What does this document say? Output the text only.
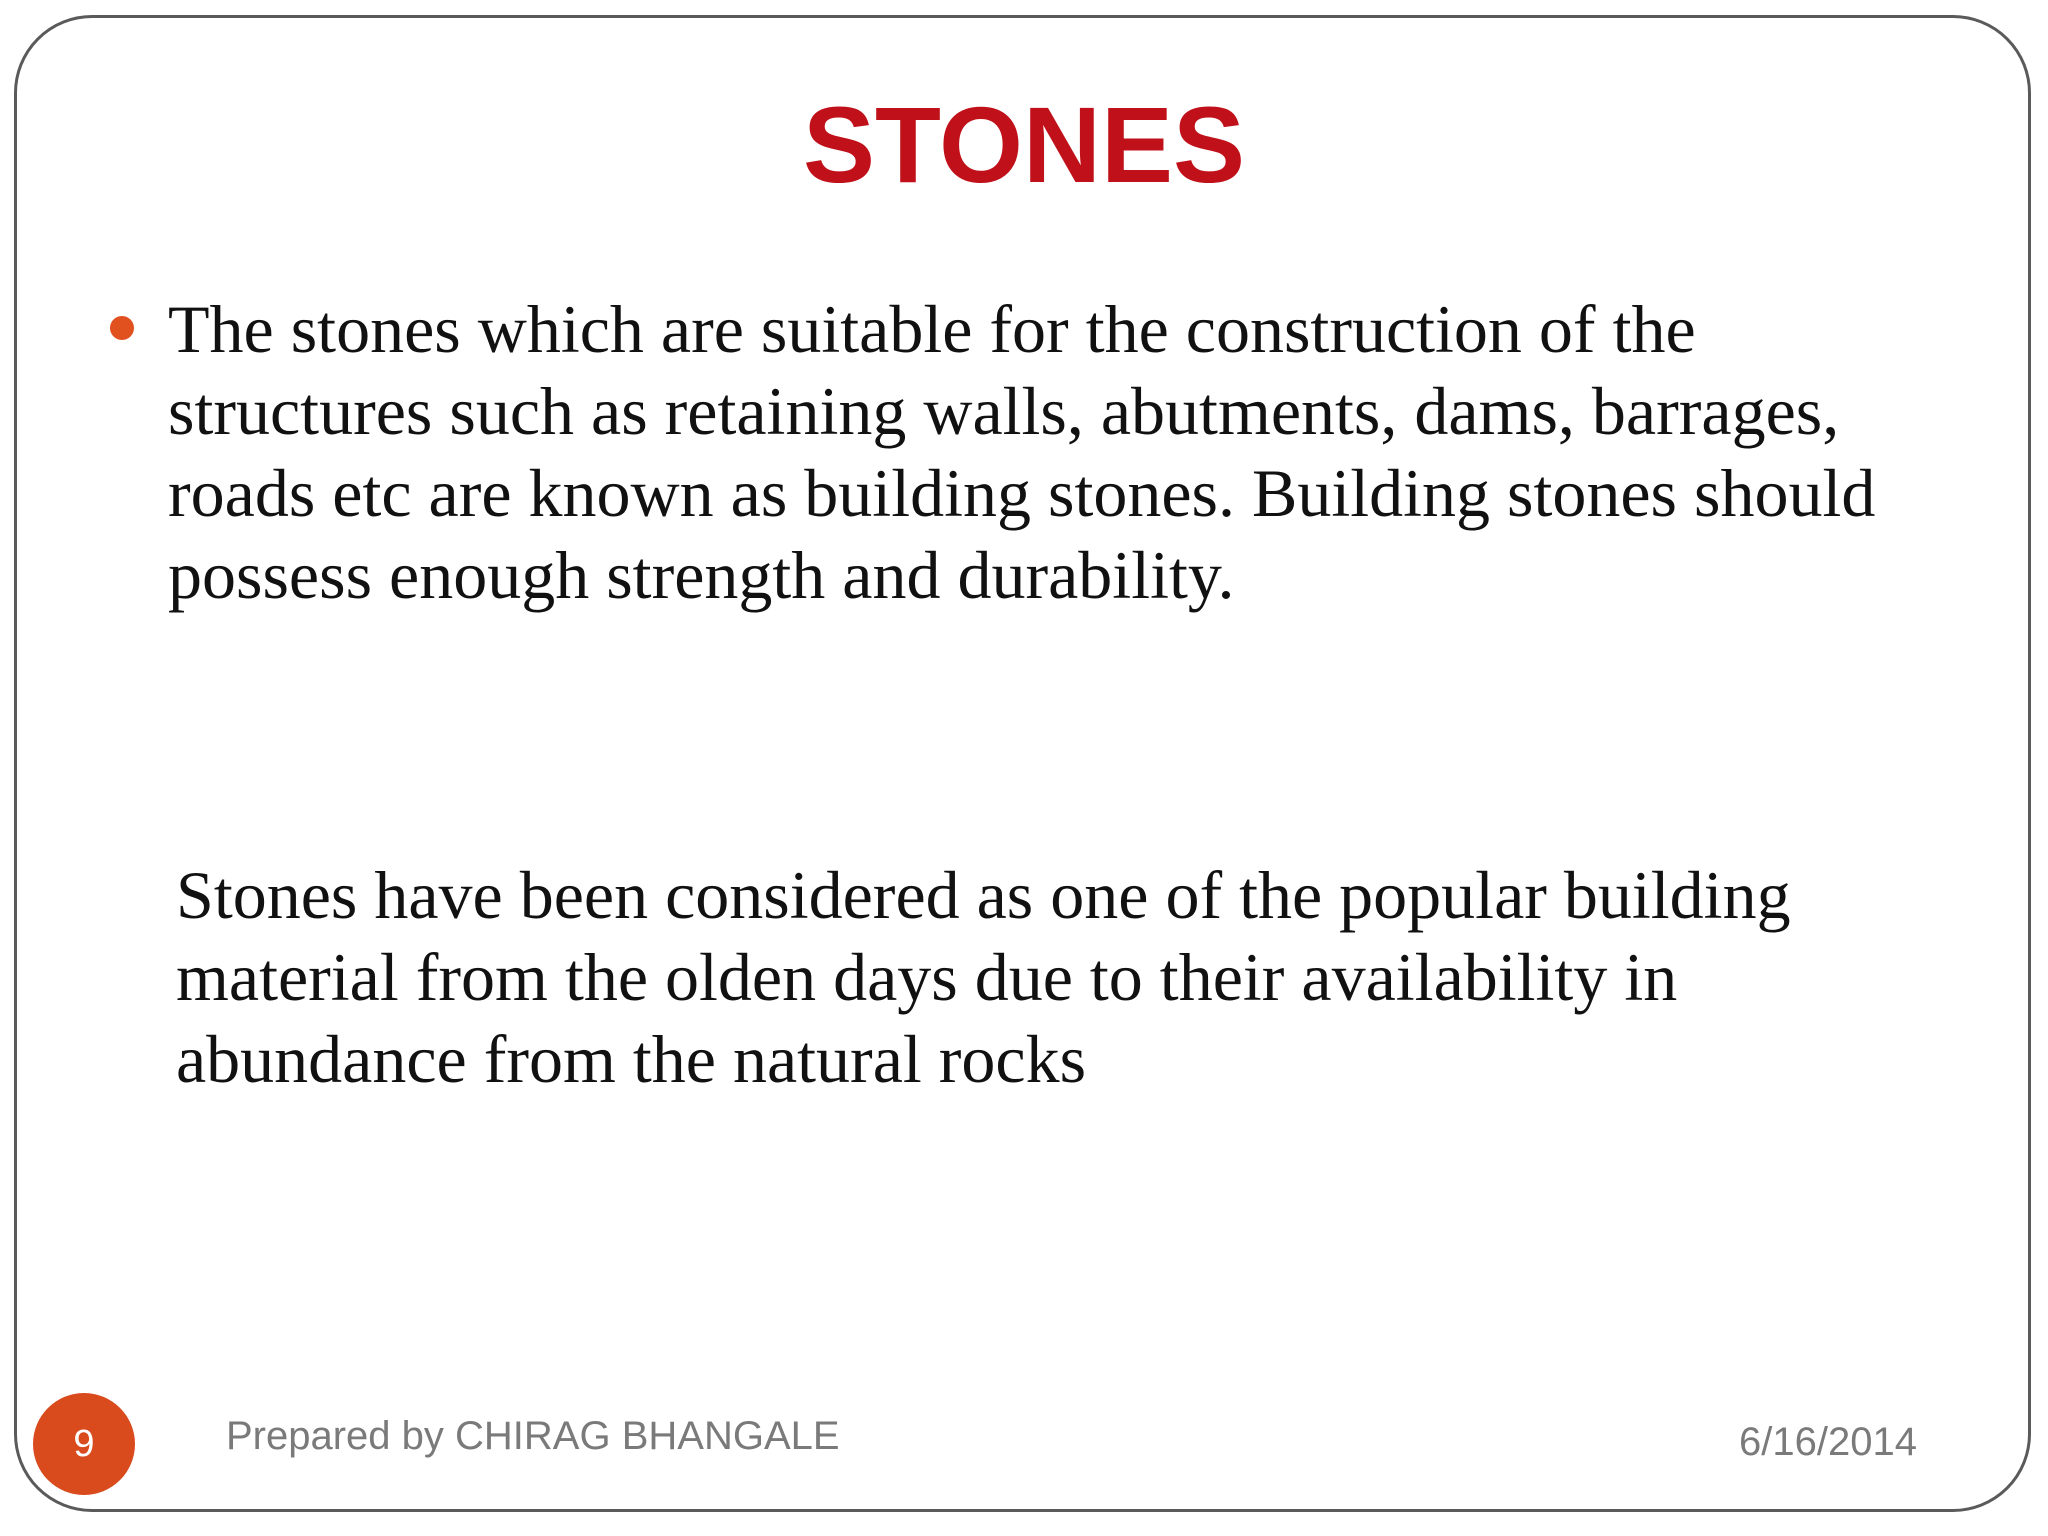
STONES

The stones which are suitable for the construction of the structures such as retaining walls, abutments, dams, barrages, roads etc are known as building stones. Building stones should possess enough strength and durability.

Stones have been considered as one of the popular building material from the olden days due to their availability in abundance from the natural rocks

9	Prepared by CHIRAG BHANGALE	6/16/2014
